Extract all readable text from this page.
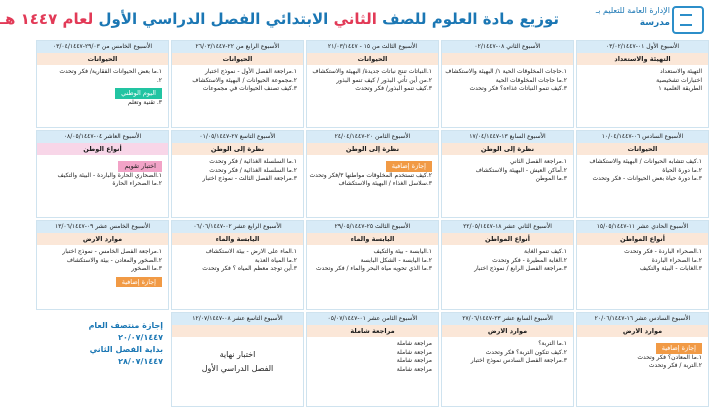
توزيع مادة العلوم للصف الثاني الابتدائي الفصل الدراسي الأول لعام ١٤٤٧ هـ	الإدارة العامة للتعليم بـ
مدرسة
الأسبوع الأول ٠١-٠٣/٠٢/١٤٤٧
التهيئة والاستعداد
التهيئة والاستعداد
اختبارات تشخيصية
الطريقة العلمية ١
الأسبوع الثاني ٠٨-٠٢/١٤٤٧
١.حاجات المخلوقات الحية ١/ البهيئة والاستكشاف
٢.ما حاجات المخلوقات الحية
٣.كيف تنمو النباتات غذاءه؟ فكر وتحدث
الأسبوع الثالث من ١٥ - ٢١/٠٣/١٤٤٧
الحيوانات
١.النباتات تنتج نباتات جديدة/ البهيئة والاستكشاف
٢.من أين تأتي البذور / كيف تنمو البذور
٣.كيف تنمو البذور/ فكر وتحدث
الأسبوع الرابع من ٢٢-٢٦/٠٣/١٤٤٧
الحيوانات
١.مراجعة الفصل الأول - نموذج اختبار
٢.مجموعة الحيوانات / البهيئة والاستكشاف
٣.كيف تصنف الحيوانات في مجموعات
الأسبوع الخامس من ٢٩/٠٣-٠٣/٠٤/١٤٤٧
الحيوانات
١.ما بعض الحيوانات الفقارية/ فكر وتحدث
٢.
اليوم الوطني
٣. تقنية وتعلم
الأسبوع السادس ٠٦-١٠/٠٤/١٤٤٧
الحيوانات
١.كيف تتشابه الحيوانات / البهيئة والاستكشاف
٢.ما دورة الحياة
٣.ما دورة حياة بعض الحيوانات - فكر وتحدث
الأسبوع السابع ١٣-١٧/٠٤/١٤٤٧
نظرة إلى الوطن
١.مراجعة الفصل الثاني
٢.أماكن العيش - البهيئة والاستكشاف
٣.ما الموطن
الأسبوع الثامن ٢٠-٢٤/٠٤/١٤٤٧
نظرة إلى الوطن
إجازة إضافية
٢.كيف تستخدم المخلوقات مواطنها ٣/فكر وتحدث
٣.سلاسل الغذاء / البهيئة والاستكشاف
الأسبوع التاسع ٢٧-٠١/٠٥/١٤٤٧
نظرة إلى الوطن
١.ما السلسلة الغذائية / فكر وتحدث
٢.ما السلسلة الغذائية / فكر وتحدث
٣.مراجعة الفصل الثالث - نموذج اختبار
الأسبوع العاشر ٠٤-٠٨/٠٥/١٤٤٧
أنواع الوطن
اختبار تقويم
١.الصحاري الحارة والباردة - البيئة والتكيف
٢.ما الصحراء الحارة
الأسبوع الحادي عشر ١١-١٥/٠٥/١٤٤٧
أنواع المواطن
١.الصحراء الباردة - فكر وتحدث
٢.ما الصحراء الباردة
٣.الغابات - البيئة والتكيف
الأسبوع الثاني عشر ١٨-٢٢/٠٥/١٤٤٧
أنواع المواطن
١.كيف تنمو الغابة
٢.الغابة المطيرة - فكر وتحدث
٣.مراجعة الفصل الرابع / نموذج اختبار
الأسبوع الثالث ٢٥-٢٩/٠٥/١٤٤٧
اليابسة والماء
١.اليابسة - بيئة والتكيف
٢.ما اليابسة - الشكل البابسة
٣.ما الذي تحويه مياه البحر والماء / فكر وتحدث
الأسبوع الرابع عشر ٠٢-٠٦/٠٦/١٤٤٧
اليابسة والماء
١.الماء على الارض - بيئة الاستكشاف
٢.ما المياه العذبة
٣.أين توجد معظم المياه ؟ فكر وتحدث
الأسبوع الخامس عشر ٠٩-١٣/٠٦/١٤٤٧
موارد الارض
١.مراجعة الفصل الخامس - نموذج اختبار
٢.الصخور والمعادن - بيئة والاستكشاف
٣.ما الصخور
إجازة إضافية
الأسبوع السادس عشر ١٦-٢٠/٠٦/١٤٤٧
موارد الارض
إجازة إضافية
١.ما المعادن؟ فكر وتحدث
٢.التربة / فكر وتحدث
الأسبوع السابع عشر ٢٣-٢٧/٠٦/١٤٤٧
موارد الارض
١.ما التربة؟
٢.كيف تتكون التربة؟ فكر وتحدث
٣.مراجعة الفصل السادس نموذج اختبار
الأسبوع الثامن عشر ٠١-٠٥/٠٧/١٤٤٧
مراجعة شاملة
مراجعة شاملة
مراجعة شاملة
مراجعة شاملة
مراجعة شاملة
الأسبوع التاسع عشر ٠٨-١٢/٠٧/١٤٤٧
اختبار نهاية
الفصل الدراسي الأول
إجازة منتصف العام
٢٠/٠٧/١٤٤٧
بداية الفصل الثاني
٢٨/٠٧/١٤٤٧
